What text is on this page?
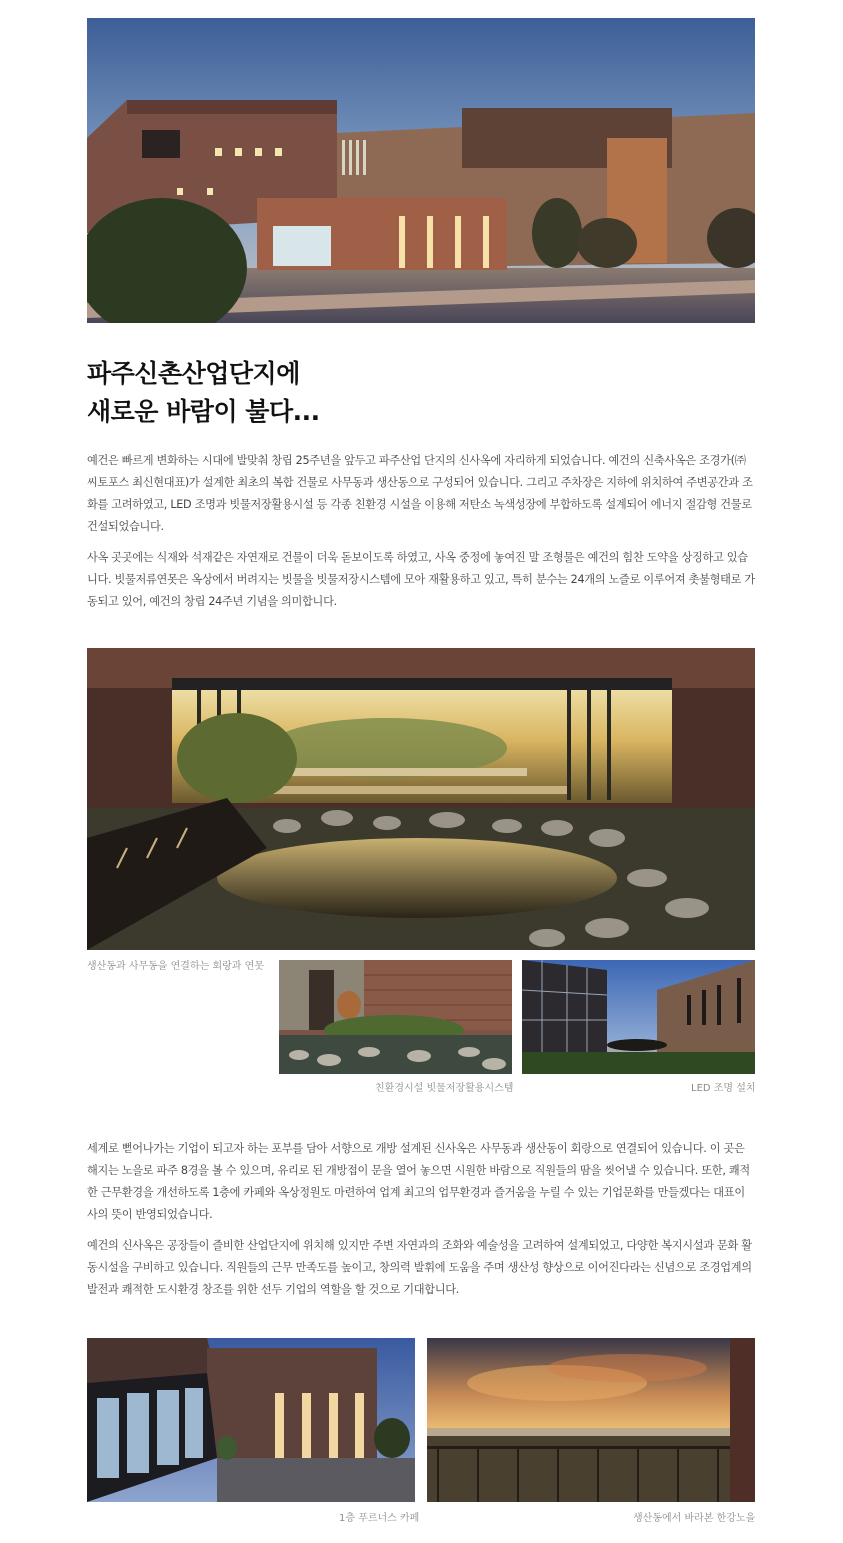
파주신촌산업단지에
새로운 바람이 불다...

예건은 빠르게 변화하는 시대에 발맞춰 창립 25주년을 앞두고 파주산업 단지의 신사옥에 자리하게 되었습니다. 예건의 신축사옥은 조경가(㈜씨토포스 최신현대표)가 설계한 최초의 복합 건물로 사무동과 생산동으로 구성되어 있습니다. 그리고 주차장은 지하에 위치하여 주변공간과 조화를 고려하였고, LED 조명과 빗물저장활용시설 등 각종 친환경 시설을 이용해 저탄소 녹색성장에 부합하도록 설계되어 에너지 절감형 건물로 건설되었습니다.

사옥 곳곳에는 식재와 석재같은 자연재로 건물이 더욱 돋보이도록 하였고, 사옥 중정에 놓여진 말 조형물은 예건의 힘찬 도약을 상징하고 있습니다. 빗물저류연못은 옥상에서 버려지는 빗물을 빗물저장시스템에 모아 재활용하고 있고, 특히 분수는 24개의 노즐로 이루어져 촛불형태로 가동되고 있어, 예건의 창립 24주년 기념을 의미합니다.

생산동과 사무동을 연결하는 회랑과 연못
친환경시설 빗물저장활용시스템	LED 조명 설치

세계로 뻗어나가는 기업이 되고자 하는 포부를 담아 서향으로 개방 설계된 신사옥은 사무동과 생산동이 회랑으로 연결되어 있습니다. 이 곳은 해지는 노을로 파주 8경을 볼 수 있으며, 유리로 된 개방접이 문을 열어 놓으면 시원한 바람으로 직원들의 땀을 씻어낼 수 있습니다. 또한, 쾌적한 근무환경을 개선하도록 1층에 카페와 옥상정원도 마련하여 업계 최고의 업무환경과 즐거움을 누릴 수 있는 기업문화를 만들겠다는 대표이사의 뜻이 반영되었습니다.

예건의 신사옥은 공장들이 즐비한 산업단지에 위치해 있지만 주변 자연과의 조화와 예술성을 고려하여 설계되었고, 다양한 복지시설과 문화 활동시설을 구비하고 있습니다. 직원들의 근무 만족도를 높이고, 창의력 발휘에 도움을 주며 생산성 향상으로 이어진다라는 신념으로 조경업계의 발전과 쾌적한 도시환경 창조를 위한 선두 기업의 역할을 할 것으로 기대합니다.

1층 푸르너스 카페	생산동에서 바라본 한강노을
